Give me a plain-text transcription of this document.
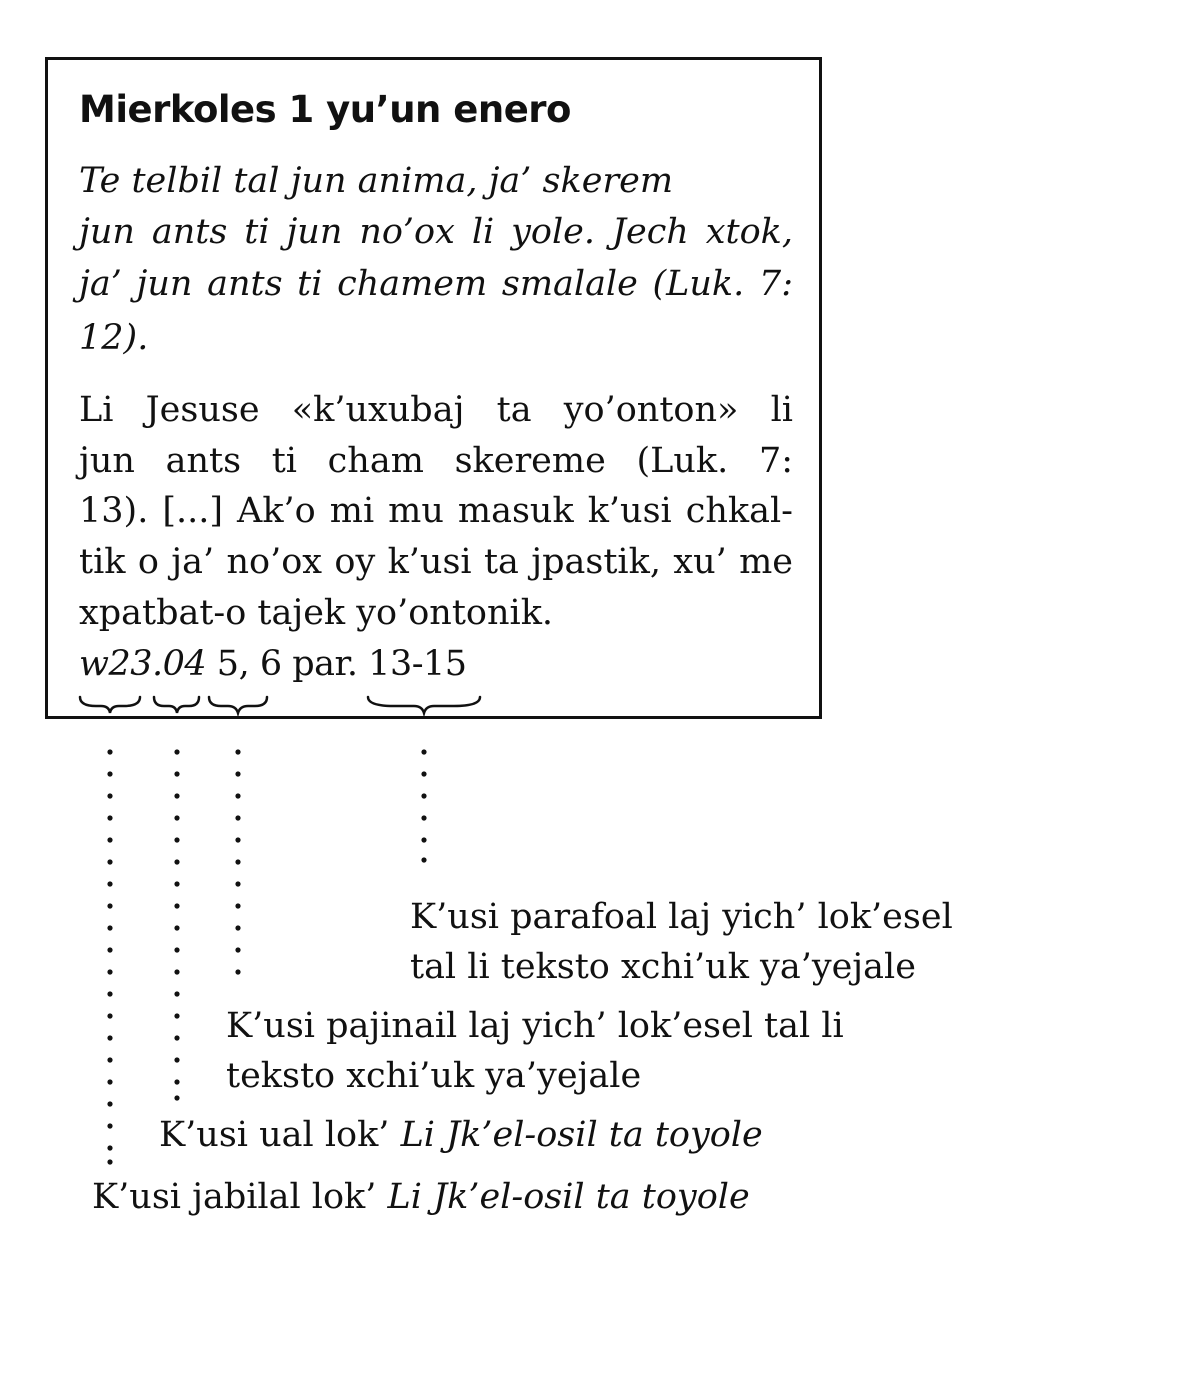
Mierkoles 1 yu’un enero

Te telbil tal jun anima, ja’ skerem

jun ants ti jun no’ox li yole. Jech xtok,

ja’ jun ants ti chamem smalale (Luk. 7:

12).

Li Jesuse «k’uxubaj ta yo’onton» li

jun ants ti cham skereme (Luk. 7:

13). [...] Ak’o mi mu masuk k’usi chkal-

tik o ja’ no’ox oy k’usi ta jpastik, xu’ me

xpatbat-o tajek yo’ontonik.

w23.04 5, 6 par. 13-15

K’usi parafoal laj yich’ lok’esel

tal li teksto xchi’uk ya’yejale

K’usi pajinail laj yich’ lok’esel tal li

teksto xchi’uk ya’yejale

K’usi ual lok’ Li Jk’el-osil ta toyole

K’usi jabilal lok’ Li Jk’el-osil ta toyole
